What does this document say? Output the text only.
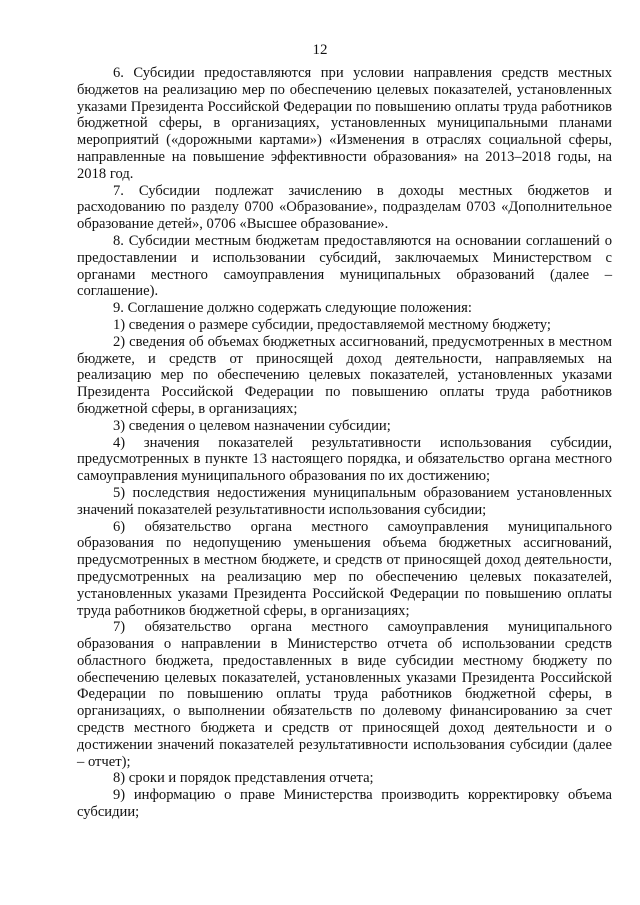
12

6. Субсидии предоставляются при условии направления средств местных бюджетов на реализацию мер по обеспечению целевых показателей, установленных указами Президента Российской Федерации по повышению оплаты труда работников бюджетной сферы, в организациях, установленных муниципальными планами мероприятий («дорожными картами») «Изменения в отраслях социальной сферы, направленные на повышение эффективности образования» на 2013–2018 годы, на 2018 год.

7. Субсидии подлежат зачислению в доходы местных бюджетов и расходованию по разделу 0700 «Образование», подразделам 0703 «Дополнительное образование детей», 0706 «Высшее образование».

8. Субсидии местным бюджетам предоставляются на основании соглашений о предоставлении и использовании субсидий, заключаемых Министерством с органами местного самоуправления муниципальных образований (далее – соглашение).

9. Соглашение должно содержать следующие положения:

1) сведения о размере субсидии, предоставляемой местному бюджету;

2) сведения об объемах бюджетных ассигнований, предусмотренных в местном бюджете, и средств от приносящей доход деятельности, направляемых на реализацию мер по обеспечению целевых показателей, установленных указами Президента Российской Федерации по повышению оплаты труда работников бюджетной сферы, в организациях;

3) сведения о целевом назначении субсидии;

4) значения показателей результативности использования субсидии, предусмотренных в пункте 13 настоящего порядка, и обязательство органа местного самоуправления муниципального образования по их достижению;

5) последствия недостижения муниципальным образованием установленных значений показателей результативности использования субсидии;

6) обязательство органа местного самоуправления муниципального образования по недопущению уменьшения объема бюджетных ассигнований, предусмотренных в местном бюджете, и средств от приносящей доход деятельности, предусмотренных на реализацию мер по обеспечению целевых показателей, установленных указами Президента Российской Федерации по повышению оплаты труда работников бюджетной сферы, в организациях;

7) обязательство органа местного самоуправления муниципального образования о направлении в Министерство отчета об использовании средств областного бюджета, предоставленных в виде субсидии местному бюджету по обеспечению целевых показателей, установленных указами Президента Российской Федерации по повышению оплаты труда работников бюджетной сферы, в организациях, о выполнении обязательств по долевому финансированию за счет средств местного бюджета и средств от приносящей доход деятельности и о достижении значений показателей результативности использования субсидии (далее – отчет);

8) сроки и порядок представления отчета;

9) информацию о праве Министерства производить корректировку объема субсидии;
